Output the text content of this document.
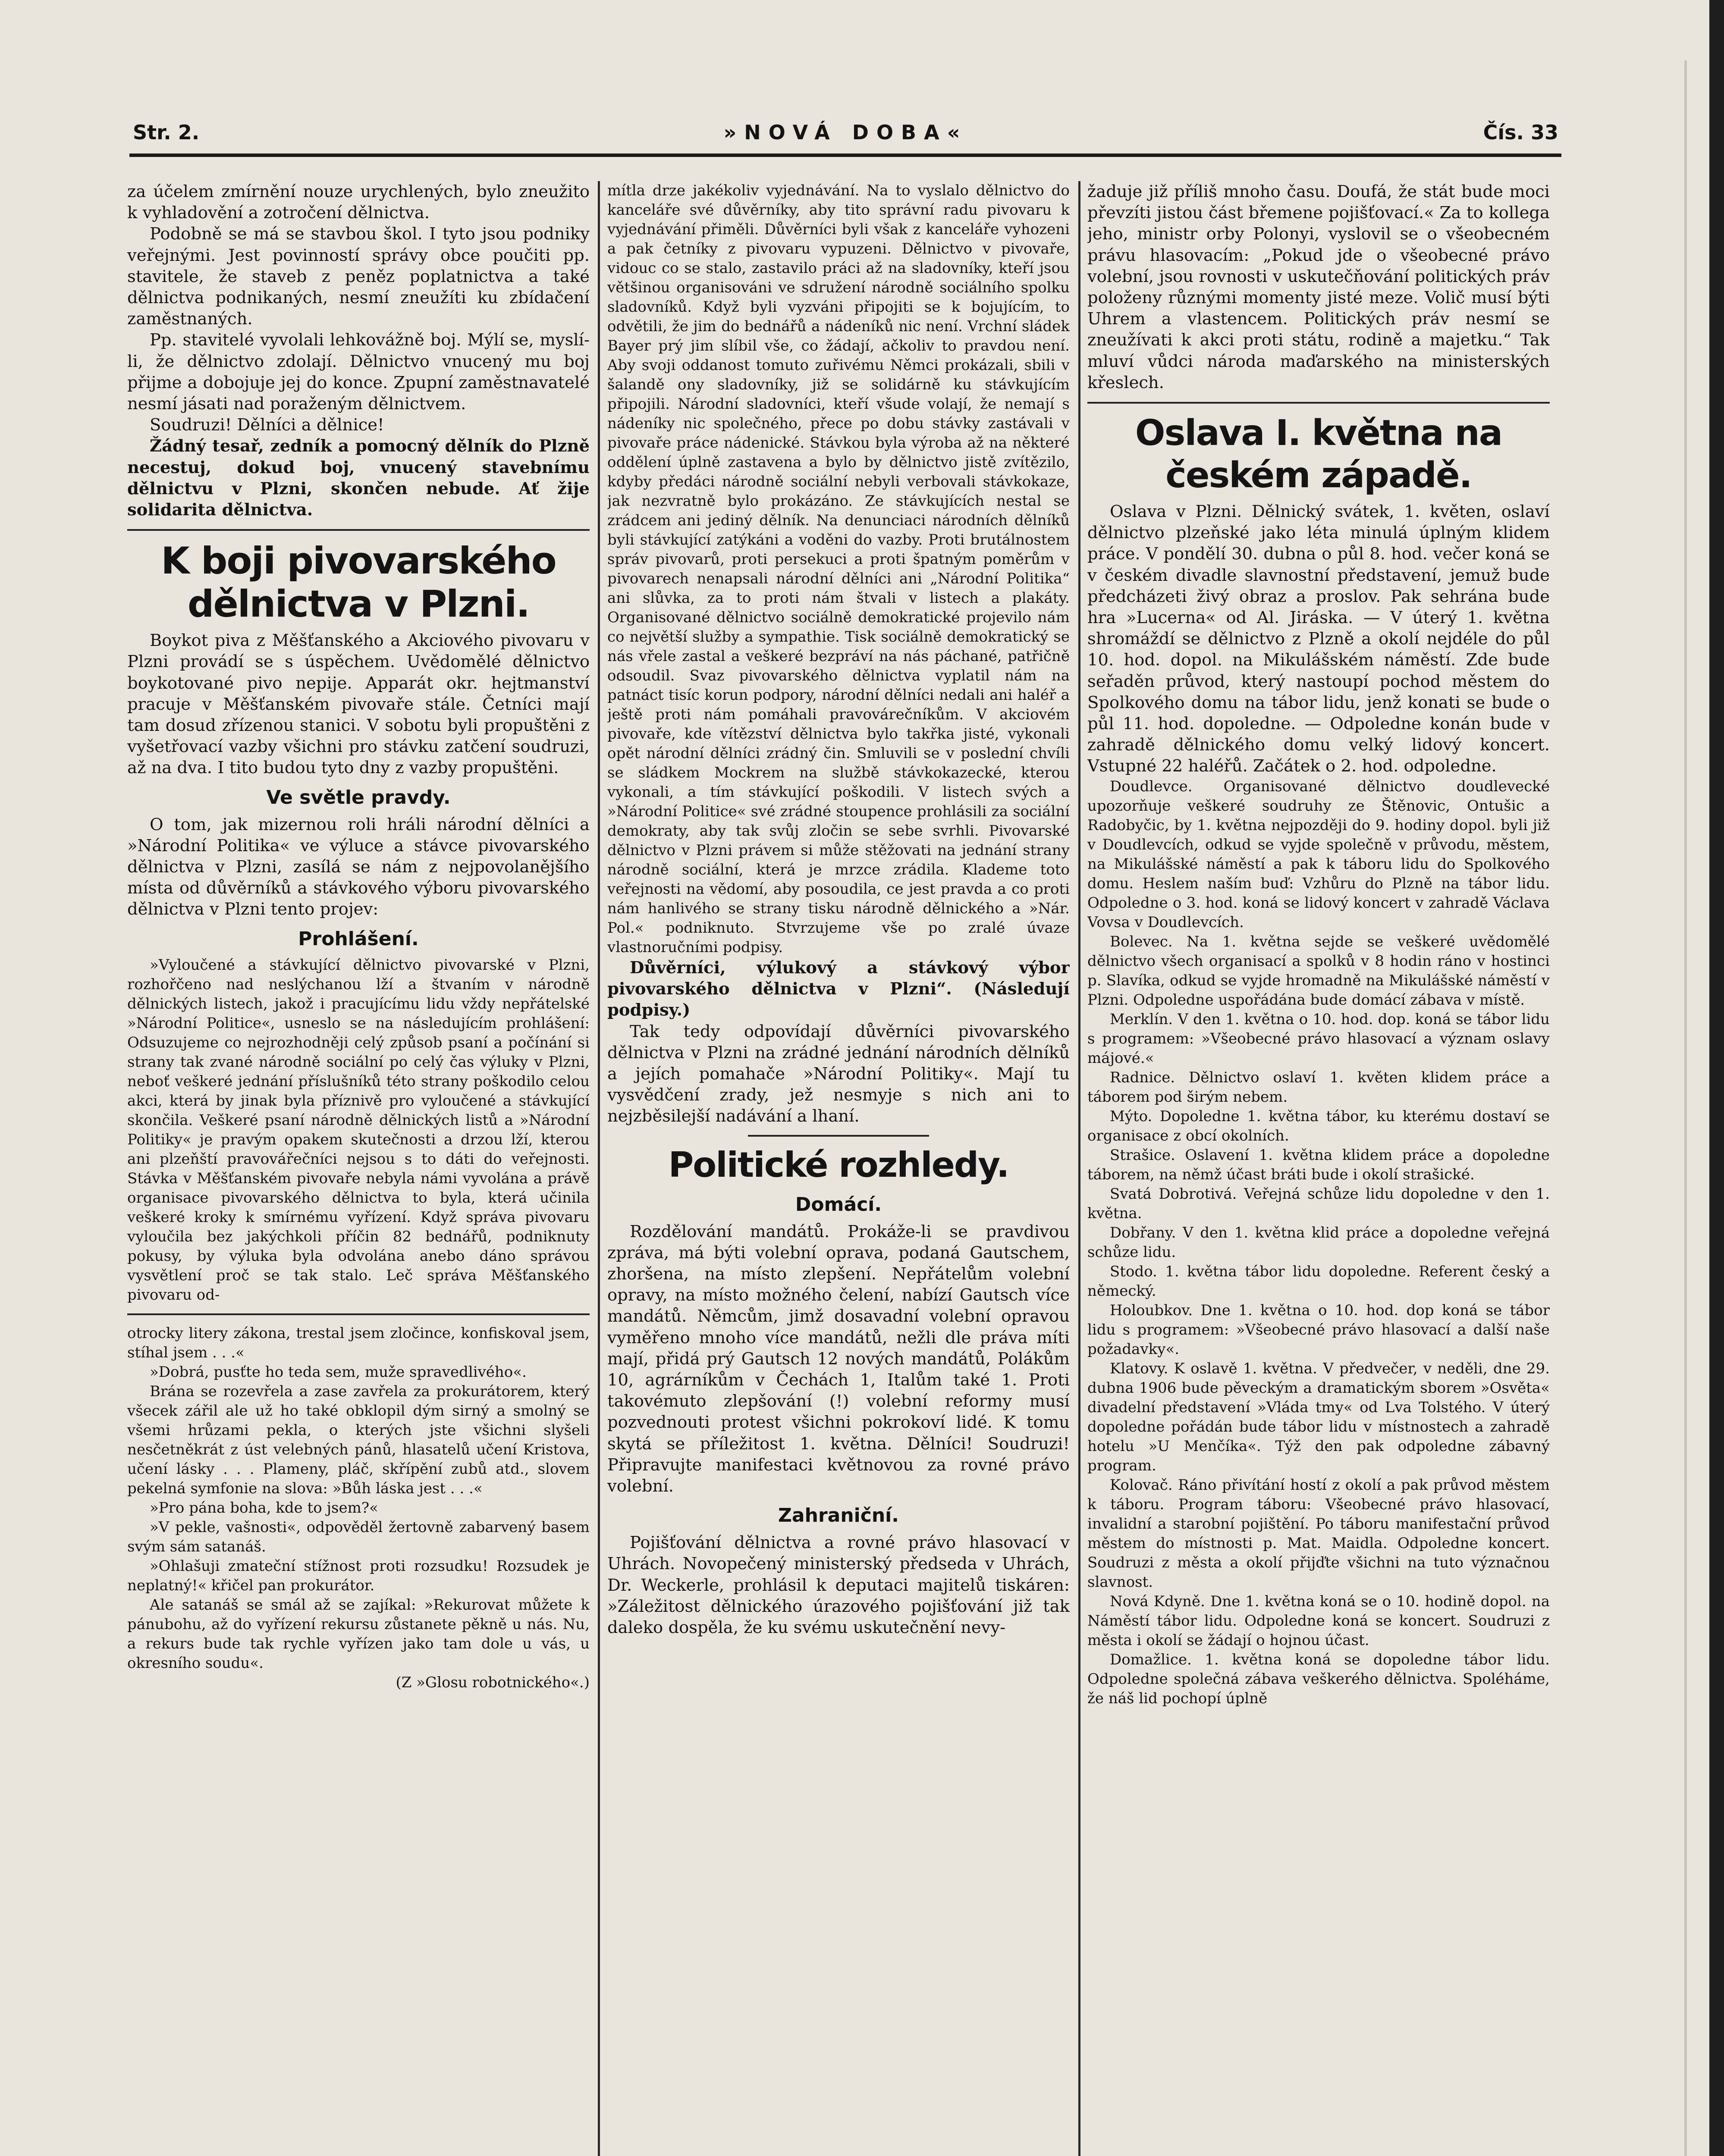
Str. 2.	»NOVÁ DOBA«	Čís. 33

za účelem zmírnění nouze urychlených, bylo zneužito k vyhladovění a zotročení dělnictva.

Podobně se má se stavbou škol. I tyto jsou podniky veřejnými. Jest povinností správy obce poučiti pp. stavitele, že staveb z peněz poplatnictva a také dělnictva podnikaných, nesmí zneužíti ku zbídačení zaměstnaných.

Pp. stavitelé vyvolali lehkovážně boj. Mýlí se, myslí-li, že dělnictvo zdolají. Dělnictvo vnucený mu boj přijme a dobojuje jej do konce. Zpupní zaměstnavatelé nesmí jásati nad poraženým dělnictvem.

Soudruzi! Dělníci a dělnice!

Žádný tesař, zedník a pomocný dělník do Plzně necestuj, dokud boj, vnucený stavebnímu dělnictvu v Plzni, skončen nebude. Ať žije solidarita dělnictva.

K boji pivovarského dělnictva v Plzni.

Boykot piva z Měšťanského a Akciového pivovaru v Plzni provádí se s úspěchem. Uvědomělé dělnictvo boykotované pivo nepije. Apparát okr. hejtmanství pracuje v Měšťanském pivovaře stále. Četníci mají tam dosud zřízenou stanici. V sobotu byli propuštěni z vyšetřovací vazby všichni pro stávku zatčení soudruzi, až na dva. I tito budou tyto dny z vazby propuštěni.

Ve světle pravdy.

O tom, jak mizernou roli hráli národní dělníci a »Národní Politika« ve výluce a stávce pivovarského dělnictva v Plzni, zasílá se nám z nejpovolanějšího místa od důvěrníků a stávkového výboru pivovarského dělnictva v Plzni tento projev:

Prohlášení.

»Vyloučené a stávkující dělnictvo pivovarské v Plzni, rozhořčeno nad neslýchanou lží a štvaním v národně dělnických listech, jakož i pracujícímu lidu vždy nepřátelské »Národní Politice«, usneslo se na následujícím prohlášení: Odsuzujeme co nejrozhodněji celý způsob psaní a počínání si strany tak zvané národně sociální po celý čas výluky v Plzni, neboť veškeré jednání příslušníků této strany poškodilo celou akci, která by jinak byla příznivě pro vyloučené a stávkující skončila. Veškeré psaní národně dělnických listů a »Národní Politiky« je pravým opakem skutečnosti a drzou lží, kterou ani plzeňští pravovářečníci nejsou s to dáti do veřejnosti. Stávka v Měšťanském pivovaře nebyla námi vyvolána a právě organisace pivovarského dělnictva to byla, která učinila veškeré kroky k smírnému vyřízení. Když správa pivovaru vyloučila bez jakýchkoli příčin 82 bednářů, podniknuty pokusy, by výluka byla odvolána anebo dáno správou vysvětlení proč se tak stalo. Leč správa Měšťanského pivovaru od-

otrocky litery zákona, trestal jsem zločince, konfiskoval jsem, stíhal jsem . . .«

»Dobrá, pusťte ho teda sem, muže spravedlivého«.

Brána se rozevřela a zase zavřela za prokurátorem, který všecek zářil ale už ho také obklopil dým sirný a smolný se všemi hrůzami pekla, o kterých jste všichni slyšeli nesčetněkrát z úst velebných pánů, hlasatelů učení Kristova, učení lásky . . . Plameny, pláč, skřípění zubů atd., slovem pekelná symfonie na slova: »Bůh láska jest . . .«

»Pro pána boha, kde to jsem?«

»V pekle, vašnosti«, odpověděl žertovně zabarvený basem svým sám satanáš.

»Ohlašuji zmateční stížnost proti rozsudku! Rozsudek je neplatný!« křičel pan prokurátor.

Ale satanáš se smál až se zajíkal: »Rekurovat můžete k pánubohu, až do vyřízení rekursu zůstanete pěkně u nás. Nu, a rekurs bude tak rychle vyřízen jako tam dole u vás, u okresního soudu«.

(Z »Glosu robotnického«.)

mítla drze jakékoliv vyjednávání. Na to vyslalo dělnictvo do kanceláře své důvěrníky, aby tito správní radu pivovaru k vyjednávání přiměli. Důvěrníci byli však z kanceláře vyhozeni a pak četníky z pivovaru vypuzeni. Dělnictvo v pivovaře, vidouc co se stalo, zastavilo práci až na sladovníky, kteří jsou většinou organisováni ve sdružení národně sociálního spolku sladovníků. Když byli vyzváni připojiti se k bojujícím, to odvětili, že jim do bednářů a nádeníků nic není. Vrchní sládek Bayer prý jim slíbil vše, co žádají, ačkoliv to pravdou není. Aby svoji oddanost tomuto zuřivému Němci prokázali, sbili v šalandě ony sladovníky, již se solidárně ku stávkujícím připojili. Národní sladovníci, kteří všude volají, že nemají s nádeníky nic společného, přece po dobu stávky zastávali v pivovaře práce nádenické. Stávkou byla výroba až na některé oddělení úplně zastavena a bylo by dělnictvo jistě zvítězilo, kdyby předáci národně sociální nebyli verbovali stávkokaze, jak nezvratně bylo prokázáno. Ze stávkujících nestal se zrádcem ani jediný dělník. Na denunciaci národních dělníků byli stávkující zatýkáni a voděni do vazby. Proti brutálnostem správ pivovarů, proti persekuci a proti špatným poměrům v pivovarech nenapsali národní dělníci ani „Národní Politika“ ani slůvka, za to proti nám štvali v listech a plakáty. Organisované dělnictvo sociálně demokratické projevilo nám co největší služby a sympathie. Tisk sociálně demokratický se nás vřele zastal a veškeré bezpráví na nás páchané, patřičně odsoudil. Svaz pivovarského dělnictva vyplatil nám na patnáct tisíc korun podpory, národní dělníci nedali ani haléř a ještě proti nám pomáhali pravovárečníkům. V akciovém pivovaře, kde vítězství dělnictva bylo takřka jisté, vykonali opět národní dělníci zrádný čin. Smluvili se v poslední chvíli se sládkem Mockrem na službě stávkokazecké, kterou vykonali, a tím stávkující poškodili. V listech svých a »Národní Politice« své zrádné stoupence prohlásili za sociální demokraty, aby tak svůj zločin se sebe svrhli. Pivovarské dělnictvo v Plzni právem si může stěžovati na jednání strany národně sociální, která je mrzce zrádila. Klademe toto veřejnosti na vědomí, aby posoudila, ce jest pravda a co proti nám hanlivého se strany tisku národně dělnického a »Nár. Pol.« podniknuto. Stvrzujeme vše po zralé úvaze vlastnoručními podpisy.

Důvěrníci, výlukový a stávkový výbor pivovarského dělnictva v Plzni“. (Následují podpisy.)

Tak tedy odpovídají důvěrníci pivovarského dělnictva v Plzni na zrádné jednání národních dělníků a jejích pomahače »Národní Politiky«. Mají tu vysvědčení zrady, jež nesmyje s nich ani to nejzběsilejší nadávání a lhaní.

Politické rozhledy.
Domácí.

Rozdělování mandátů. Prokáže-li se pravdivou zpráva, má býti volební oprava, podaná Gautschem, zhoršena, na místo zlepšení. Nepřátelům volební opravy, na místo možného čelení, nabízí Gautsch více mandátů. Němcům, jimž dosavadní volební opravou vyměřeno mnoho více mandátů, nežli dle práva míti mají, přidá prý Gautsch 12 nových mandátů, Polákům 10, agrárníkům v Čechách 1, Italům také 1. Proti takovémuto zlepšování (!) volební reformy musí pozvednouti protest všichni pokrokoví lidé. K tomu skytá se příležitost 1. května. Dělníci! Soudruzi! Připravujte manifestaci květnovou za rovné právo volební.

Zahraniční.

Pojišťování dělnictva a rovné právo hlasovací v Uhrách. Novopečený ministerský předseda v Uhrách, Dr. Weckerle, prohlásil k deputaci majitelů tiskáren: »Záležitost dělnického úrazového pojišťování již tak daleko dospěla, že ku svému uskutečnění nevy-

žaduje již příliš mnoho času. Doufá, že stát bude moci převzíti jistou část břemene pojišťovací.« Za to kollega jeho, ministr orby Polonyi, vyslovil se o všeobecném právu hlasovacím: „Pokud jde o všeobecné právo volební, jsou rovnosti v uskutečňování politických práv položeny různými momenty jisté meze. Volič musí býti Uhrem a vlastencem. Politických práv nesmí se zneužívati k akci proti státu, rodině a majetku.“ Tak mluví vůdci národa maďarského na ministerských křeslech.

Oslava I. května na českém západě.

Oslava v Plzni. Dělnický svátek, 1. květen, oslaví dělnictvo plzeňské jako léta minulá úplným klidem práce. V pondělí 30. dubna o půl 8. hod. večer koná se v českém divadle slavnostní představení, jemuž bude předcházeti živý obraz a proslov. Pak sehrána bude hra »Lucerna« od Al. Jiráska. — V úterý 1. května shromáždí se dělnictvo z Plzně a okolí nejdéle do půl 10. hod. dopol. na Mikulášském náměstí. Zde bude seřaděn průvod, který nastoupí pochod městem do Spolkového domu na tábor lidu, jenž konati se bude o půl 11. hod. dopoledne. — Odpoledne konán bude v zahradě dělnického domu velký lidový koncert. Vstupné 22 haléřů. Začátek o 2. hod. odpoledne.

Doudlevce. Organisované dělnictvo doudlevecké upozorňuje veškeré soudruhy ze Štěnovic, Ontušic a Radobyčic, by 1. května nejpozději do 9. hodiny dopol. byli již v Doudlevcích, odkud se vyjde společně v průvodu, městem, na Mikulášské náměstí a pak k táboru lidu do Spolkového domu. Heslem naším buď: Vzhůru do Plzně na tábor lidu. Odpoledne o 3. hod. koná se lidový koncert v zahradě Václava Vovsa v Doudlevcích.

Bolevec. Na 1. května sejde se veškeré uvědomělé dělnictvo všech organisací a spolků v 8 hodin ráno v hostinci p. Slavíka, odkud se vyjde hromadně na Mikulášské náměstí v Plzni. Odpoledne uspořádána bude domácí zábava v místě.

Merklín. V den 1. května o 10. hod. dop. koná se tábor lidu s programem: »Všeobecné právo hlasovací a význam oslavy májové.«

Radnice. Dělnictvo oslaví 1. květen klidem práce a táborem pod širým nebem.

Mýto. Dopoledne 1. května tábor, ku kterému dostaví se organisace z obcí okolních.

Strašice. Oslavení 1. května klidem práce a dopoledne táborem, na němž účast bráti bude i okolí strašické.

Svatá Dobrotivá. Veřejná schůze lidu dopoledne v den 1. května.

Dobřany. V den 1. května klid práce a dopoledne veřejná schůze lidu.

Stodo. 1. května tábor lidu dopoledne. Referent český a německý.

Holoubkov. Dne 1. května o 10. hod. dop koná se tábor lidu s programem: »Všeobecné právo hlasovací a další naše požadavky«.

Klatovy. K oslavě 1. května. V předvečer, v neděli, dne 29. dubna 1906 bude pěveckým a dramatickým sborem »Osvěta« divadelní představení »Vláda tmy« od Lva Tolstého. V úterý dopoledne pořádán bude tábor lidu v místnostech a zahradě hotelu »U Menčíka«. Týž den pak odpoledne zábavný program.

Kolovač. Ráno přivítání hostí z okolí a pak průvod městem k táboru. Program táboru: Všeobecné právo hlasovací, invalidní a starobní pojištění. Po táboru manifestační průvod městem do místnosti p. Mat. Maidla. Odpoledne koncert. Soudruzi z města a okolí přijďte všichni na tuto význačnou slavnost.

Nová Kdyně. Dne 1. května koná se o 10. hodině dopol. na Náměstí tábor lidu. Odpoledne koná se koncert. Soudruzi z města i okolí se žádají o hojnou účast.

Domažlice. 1. května koná se dopoledne tábor lidu. Odpoledne společná zábava veškerého dělnictva. Spoléháme, že náš lid pochopí úplně
